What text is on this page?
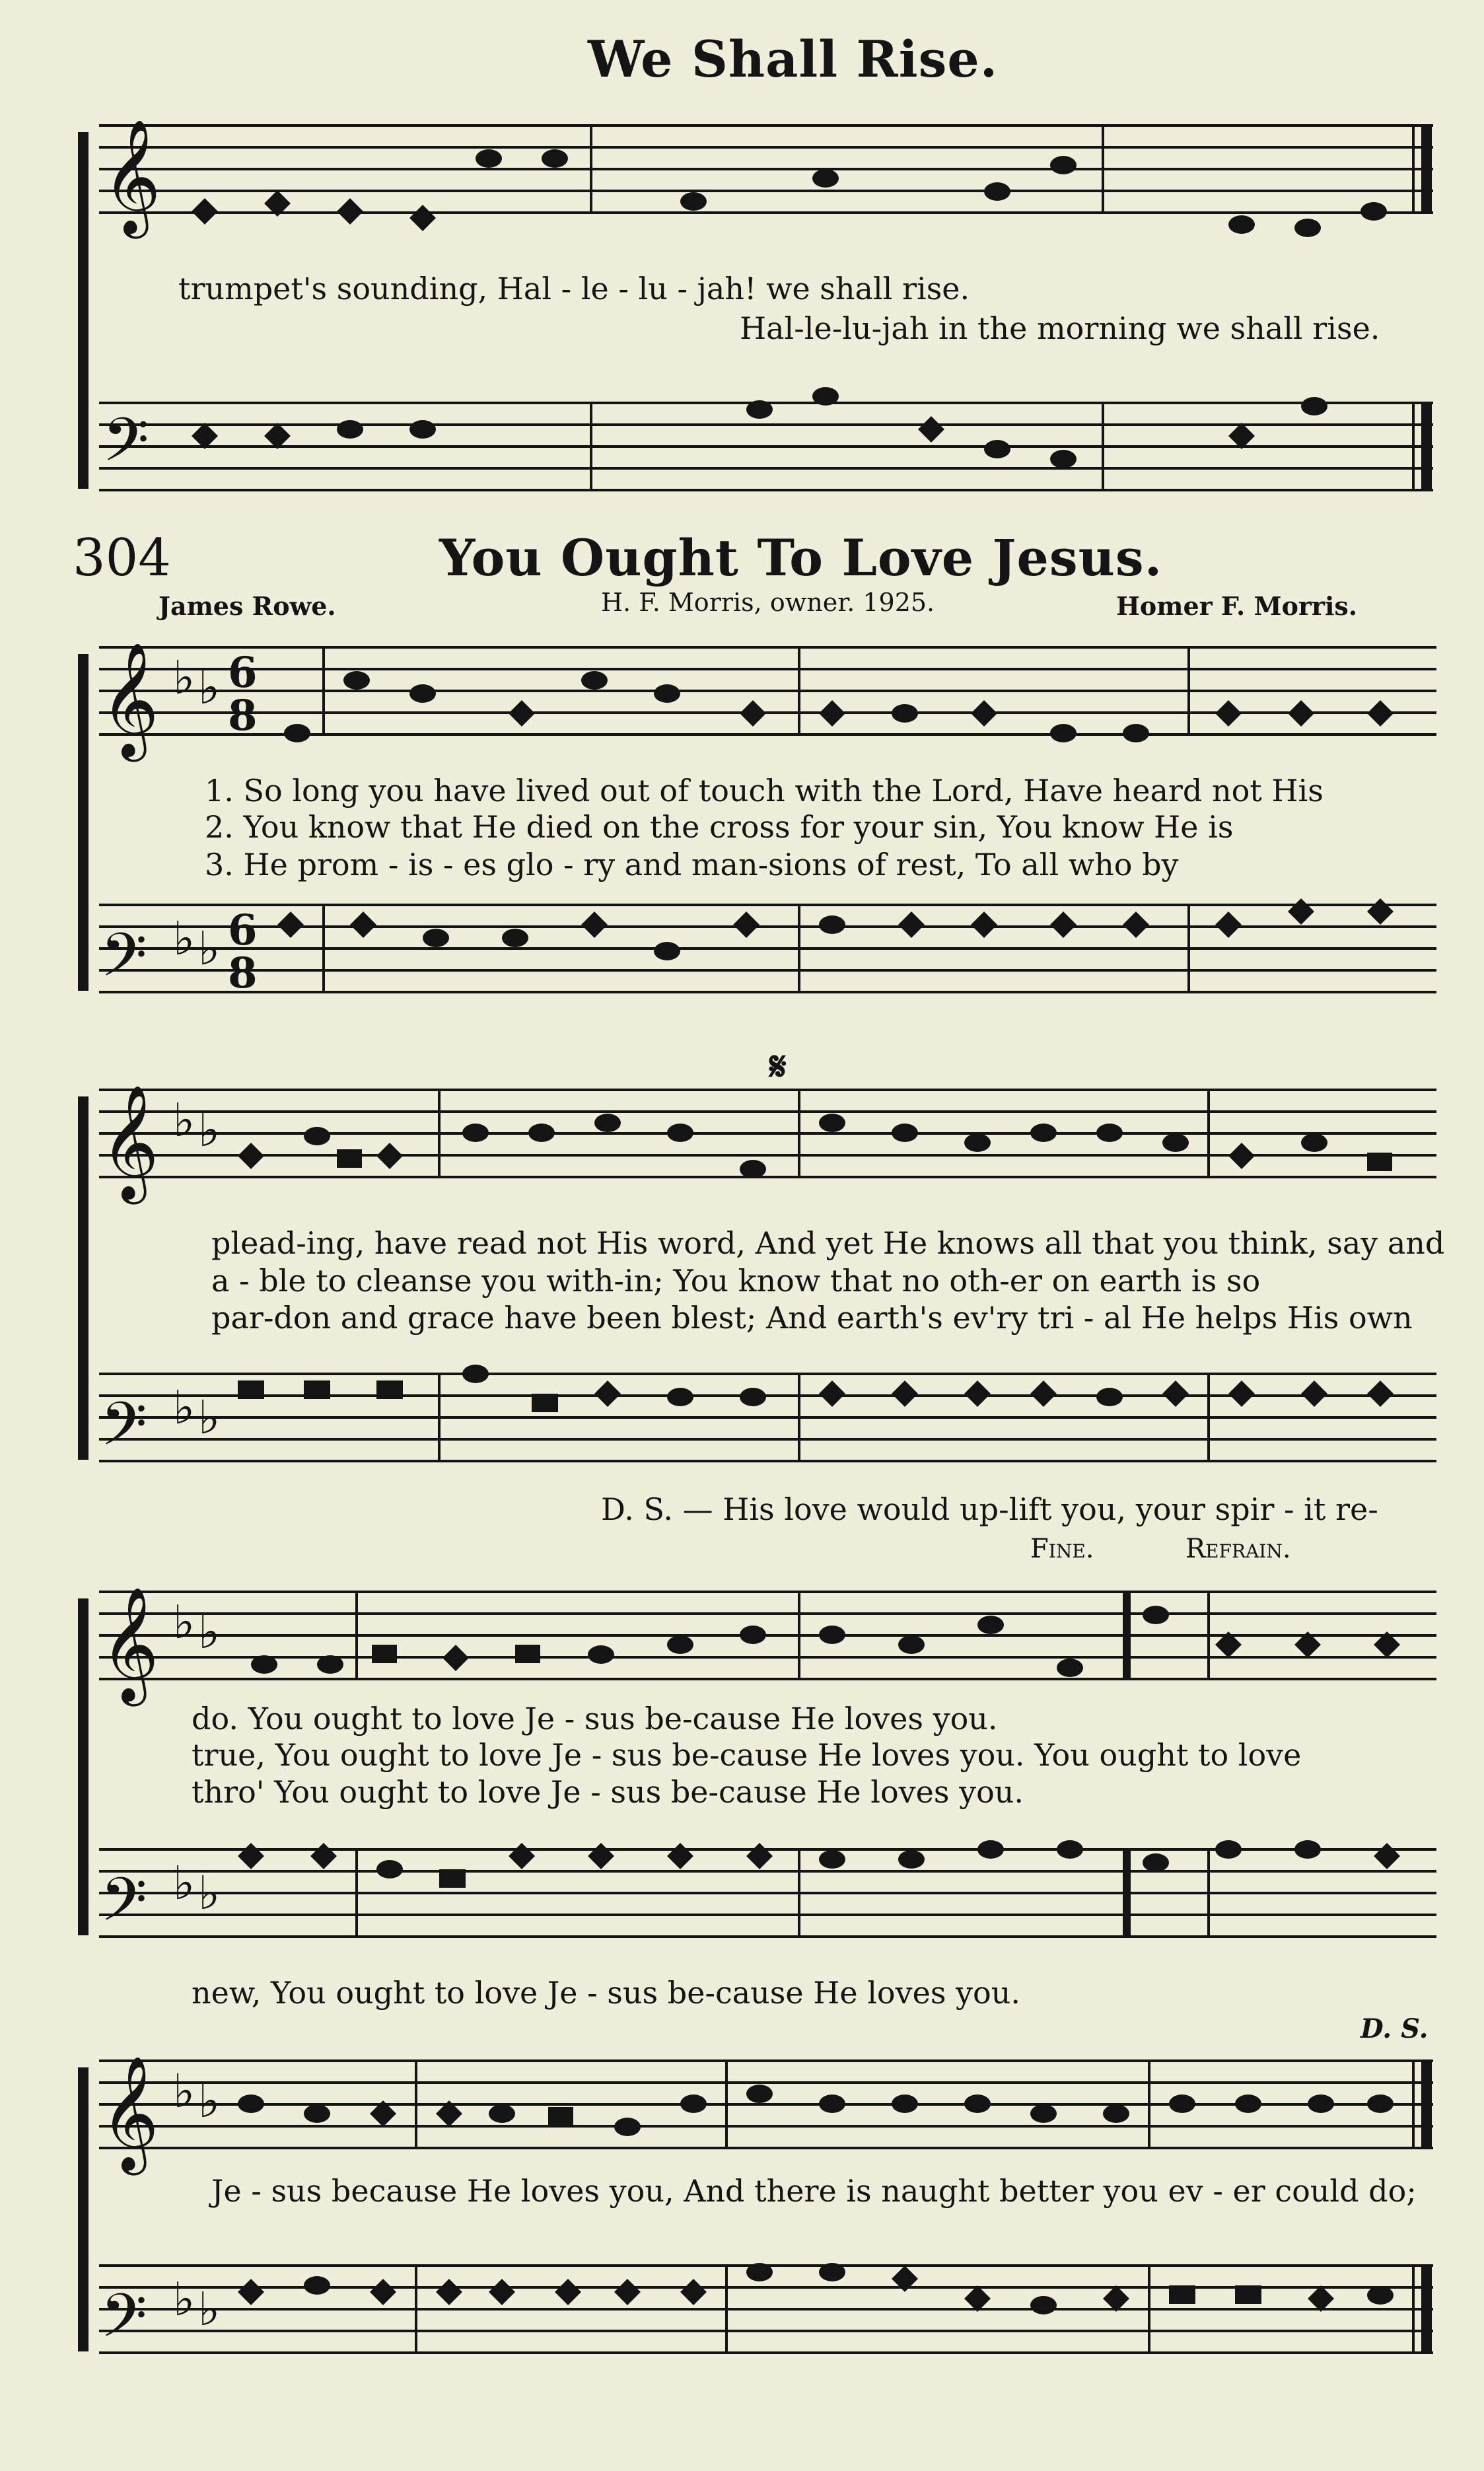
We Shall Rise.
𝄞
𝄢
trumpet's sounding, Hal - le - lu - jah! we shall rise.
Hal-le-lu-jah in the morning we shall rise.
304	You Ought To Love Jesus.
James Rowe.	H. F. Morris, owner. 1925.	Homer F. Morris.
𝄞
𝄢
♭ ♭
♭ ♭
6
8
6
8
1. So long you have lived out of touch with the Lord, Have heard not His
2. You know that He died on the cross for your sin, You know He is
3. He prom - is - es glo - ry and man-sions of rest, To all who by
𝄋
𝄞
𝄢
♭ ♭
♭ ♭
plead-ing, have read not His word, And yet He knows all that you think, say and
a - ble to cleanse you with-in; You know that no oth-er on earth is so
par-don and grace have been blest; And earth's ev'ry tri - al He helps His own
D. S. — His love would up-lift you, your spir - it re-
Fine.	Refrain.
𝄞
𝄢
♭ ♭
♭ ♭
do. You ought to love Je - sus be-cause He loves you.
true, You ought to love Je - sus be-cause He loves you. You ought to love
thro' You ought to love Je - sus be-cause He loves you.
new, You ought to love Je - sus be-cause He loves you.
D. S.
𝄞
𝄢
♭ ♭
♭ ♭
Je - sus because He loves you, And there is naught better you ev - er could do;
